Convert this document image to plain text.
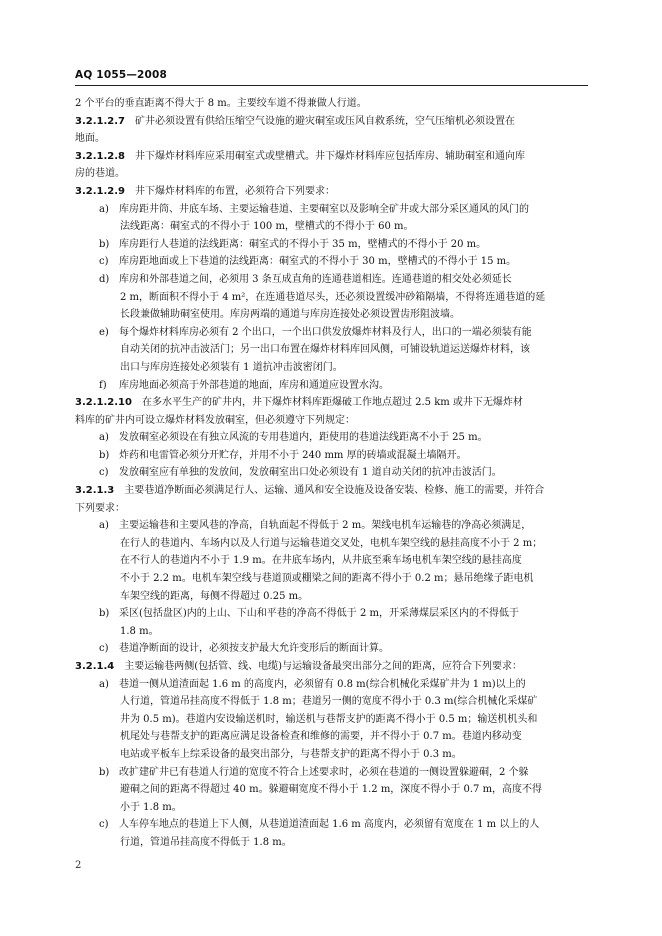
AQ 1055—2008
2 个平台的垂直距离不得大于 8 m。主要绞车道不得兼做人行道。
3.2.1.2.7  矿井必须设置有供给压缩空气设施的避灾硐室或压风自救系统，空气压缩机必须设置在
地面。
3.2.1.2.8  井下爆炸材料库应采用硐室式或壁槽式。井下爆炸材料库应包括库房、辅助硐室和通向库
房的巷道。
3.2.1.2.9  井下爆炸材料库的布置，必须符合下列要求：
a) 库房距井筒、井底车场、主要运输巷道、主要硐室以及影响全矿井或大部分采区通风的风门的
法线距离：硐室式的不得小于 100 m，壁槽式的不得小于 60 m。
b) 库房距行人巷道的法线距离：硐室式的不得小于 35 m，壁槽式的不得小于 20 m。
c) 库房距地面或上下巷道的法线距离：硐室式的不得小于 30 m，壁槽式的不得小于 15 m。
d) 库房和外部巷道之间，必须用 3 条互成直角的连通巷道相连。连通巷道的相交处必须延长
2 m，断面积不得小于 4 m²，在连通巷道尽头，还必须设置缓冲砂箱隔墙，不得将连通巷道的延
长段兼做辅助硐室使用。库房两端的通道与库房连接处必须设置齿形阻波墙。
e) 每个爆炸材料库房必须有 2 个出口，一个出口供发放爆炸材料及行人，出口的一端必须装有能
自动关闭的抗冲击波活门；另一出口布置在爆炸材料库回风侧，可铺设轨道运送爆炸材料，该
出口与库房连接处必须装有 1 道抗冲击波密闭门。
f) 库房地面必须高于外部巷道的地面，库房和通道应设置水沟。
3.2.1.2.10  在多水平生产的矿井内，井下爆炸材料库距爆破工作地点超过 2.5 km 或井下无爆炸材
料库的矿井内可设立爆炸材料发放硐室，但必须遵守下列规定：
a) 发放硐室必须设在有独立风流的专用巷道内，距使用的巷道法线距离不小于 25 m。
b) 炸药和电雷管必须分开贮存，并用不小于 240 mm 厚的砖墙或混凝土墙隔开。
c) 发放硐室应有单独的发放间，发放硐室出口处必须设有 1 道自动关闭的抗冲击波活门。
3.2.1.3  主要巷道净断面必须满足行人、运输、通风和安全设施及设备安装、检修、施工的需要，并符合
下列要求：
a) 主要运输巷和主要风巷的净高，自轨面起不得低于 2 m。架线电机车运输巷的净高必须满足，
在行人的巷道内、车场内以及人行道与运输巷道交叉处，电机车架空线的悬挂高度不小于 2 m；
在不行人的巷道内不小于 1.9 m。在井底车场内，从井底至乘车场电机车架空线的悬挂高度
不小于 2.2 m。电机车架空线与巷道顶或棚梁之间的距离不得小于 0.2 m；悬吊绝缘子距电机
车架空线的距离，每侧不得超过 0.25 m。
b) 采区(包括盘区)内的上山、下山和平巷的净高不得低于 2 m，开采薄煤层采区内的不得低于
1.8 m。
c) 巷道净断面的设计，必须按支护最大允许变形后的断面计算。
3.2.1.4  主要运输巷两侧(包括管、线、电缆)与运输设备最突出部分之间的距离，应符合下列要求：
a) 巷道一侧从道渣面起 1.6 m 的高度内，必须留有 0.8 m(综合机械化采煤矿井为 1 m)以上的
人行道，管道吊挂高度不得低于 1.8 m；巷道另一侧的宽度不得小于 0.3 m(综合机械化采煤矿
井为 0.5 m)。巷道内安设输送机时，输送机与巷帮支护的距离不得小于 0.5 m；输送机机头和
机尾处与巷帮支护的距离应满足设备检查和维修的需要，并不得小于 0.7 m。巷道内移动变
电站或平板车上综采设备的最突出部分，与巷帮支护的距离不得小于 0.3 m。
b) 改扩建矿井已有巷道人行道的宽度不符合上述要求时，必须在巷道的一侧设置躲避硐，2 个躲
避硐之间的距离不得超过 40 m。躲避硐宽度不得小于 1.2 m，深度不得小于 0.7 m，高度不得
小于 1.8 m。
c) 人车停车地点的巷道上下人侧，从巷道道渣面起 1.6 m 高度内，必须留有宽度在 1 m 以上的人
行道，管道吊挂高度不得低于 1.8 m。
2
